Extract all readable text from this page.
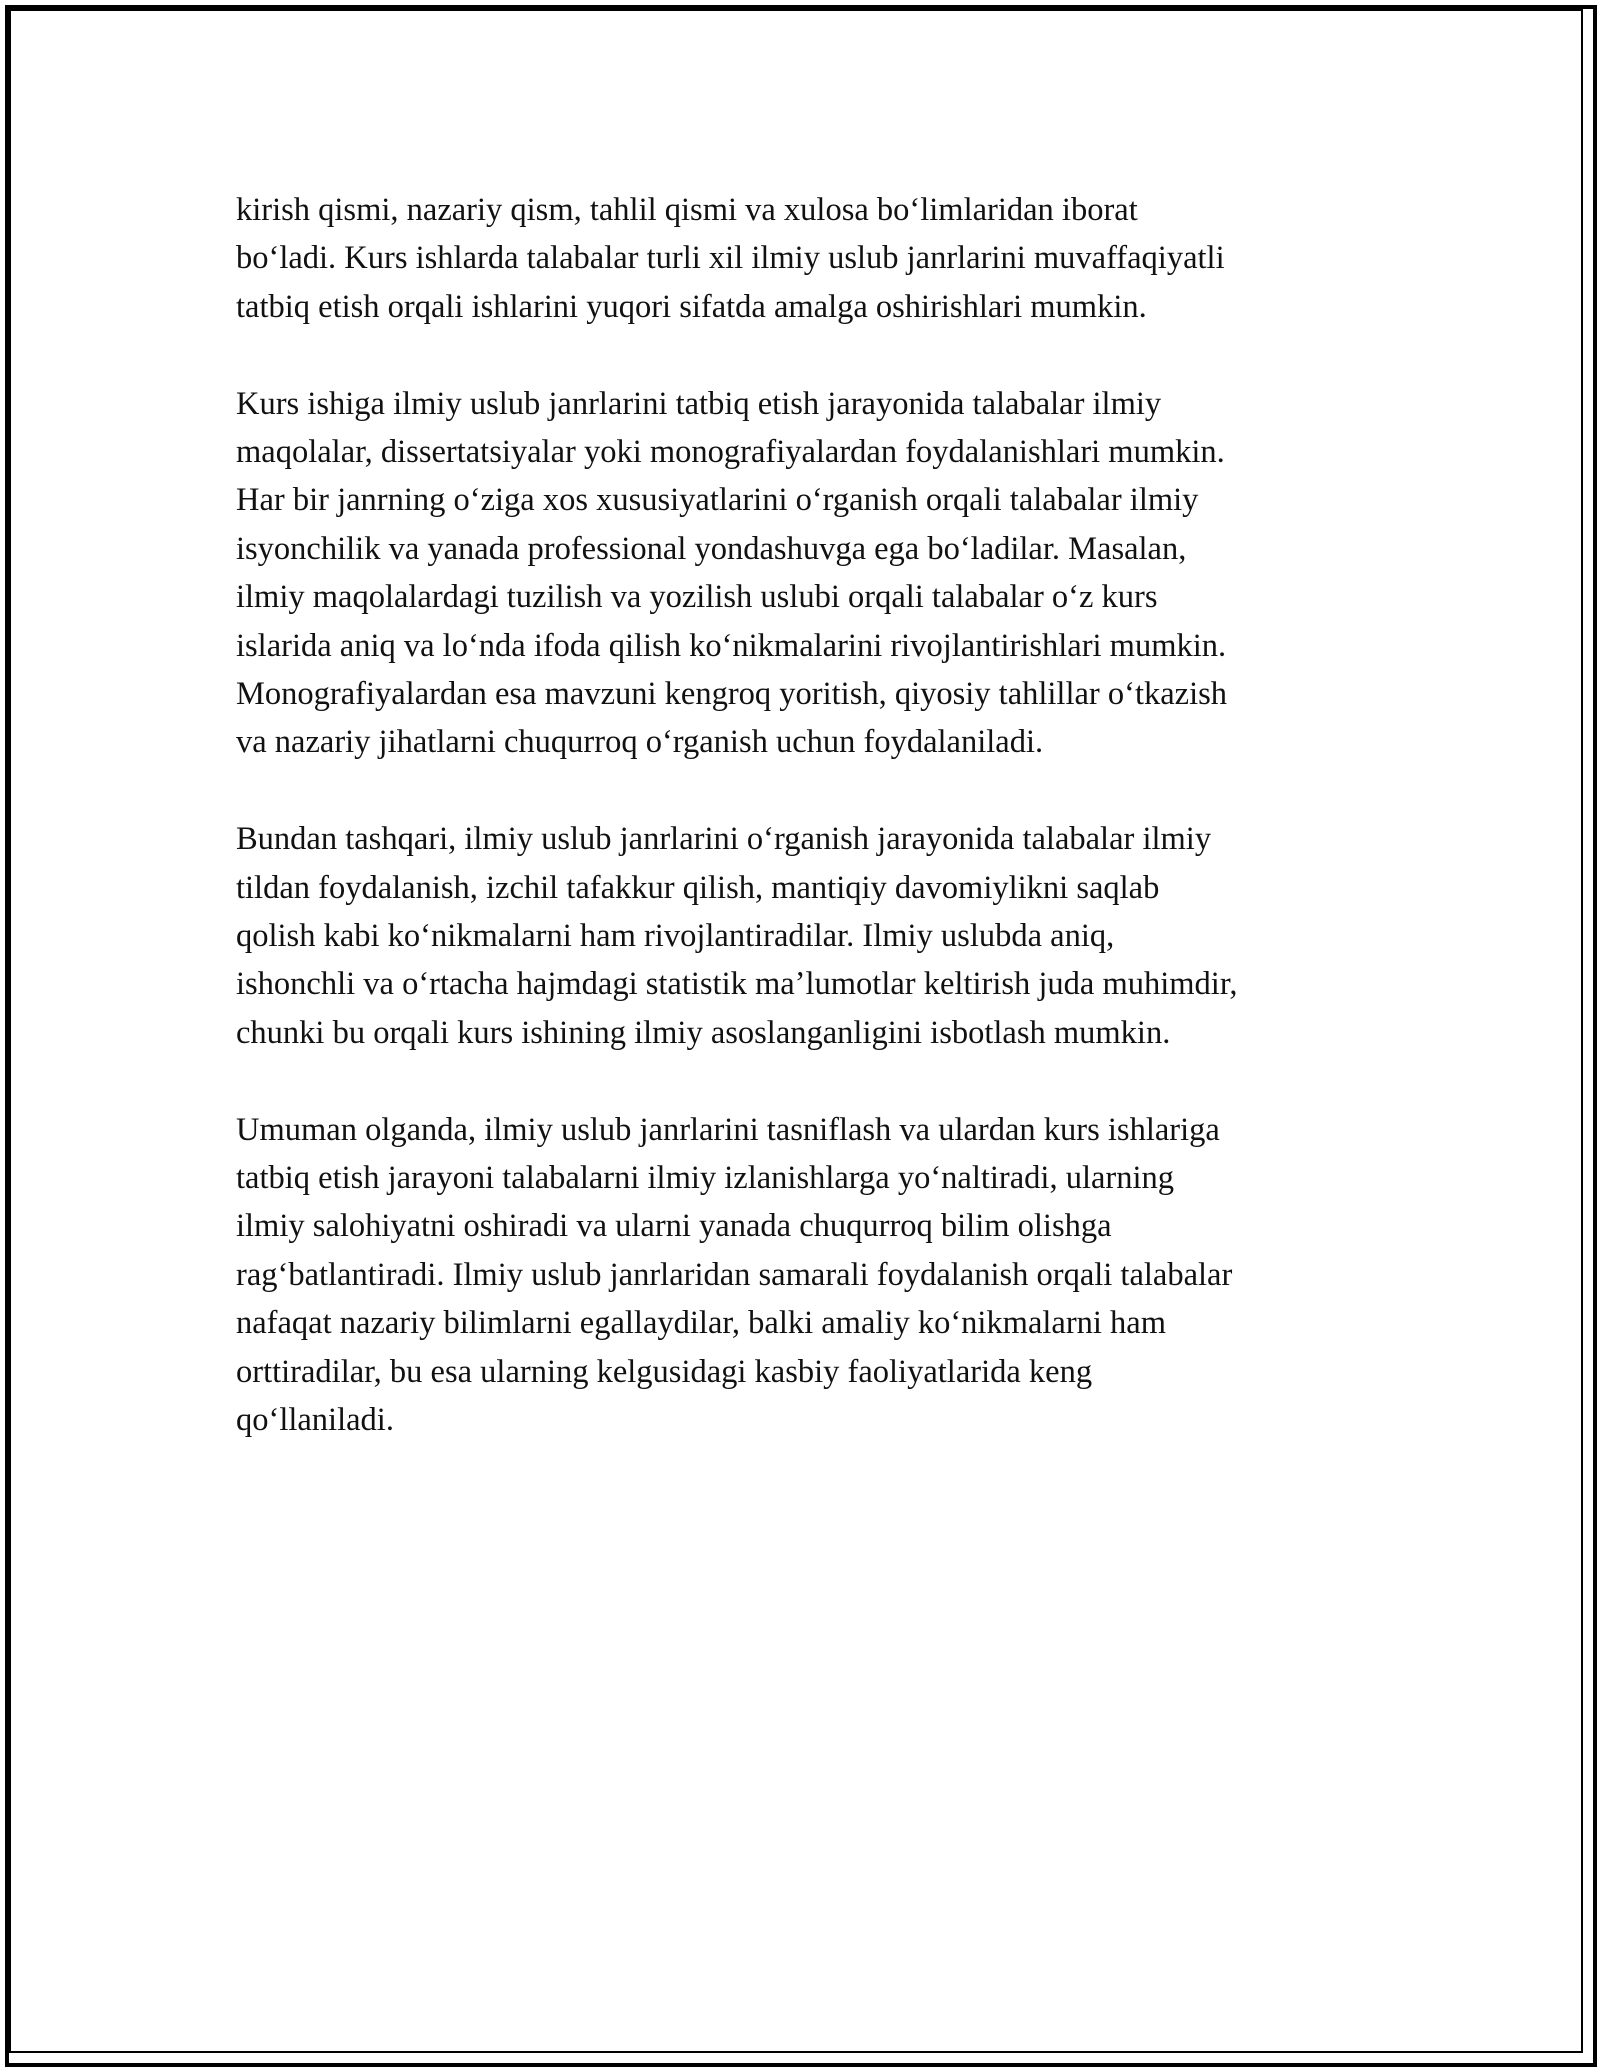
kirish qismi, nazariy qism, tahlil qismi va xulosa boʻlimlaridan iborat
boʻladi. Kurs ishlarda talabalar turli xil ilmiy uslub janrlarini muvaffaqiyatli
tatbiq etish orqali ishlarini yuqori sifatda amalga oshirishlari mumkin.

Kurs ishiga ilmiy uslub janrlarini tatbiq etish jarayonida talabalar ilmiy
maqolalar, dissertatsiyalar yoki monografiyalardan foydalanishlari mumkin.
Har bir janrning oʻziga xos xususiyatlarini oʻrganish orqali talabalar ilmiy
isyonchilik va yanada professional yondashuvga ega boʻladilar. Masalan,
ilmiy maqolalardagi tuzilish va yozilish uslubi orqali talabalar oʻz kurs
islarida aniq va loʻnda ifoda qilish koʻnikmalarini rivojlantirishlari mumkin.
Monografiyalardan esa mavzuni kengroq yoritish, qiyosiy tahlillar oʻtkazish
va nazariy jihatlarni chuqurroq oʻrganish uchun foydalaniladi.

Bundan tashqari, ilmiy uslub janrlarini oʻrganish jarayonida talabalar ilmiy
tildan foydalanish, izchil tafakkur qilish, mantiqiy davomiylikni saqlab
qolish kabi koʻnikmalarni ham rivojlantiradilar. Ilmiy uslubda aniq,
ishonchli va oʻrtacha hajmdagi statistik maʼlumotlar keltirish juda muhimdir,
chunki bu orqali kurs ishining ilmiy asoslanganligini isbotlash mumkin.

Umuman olganda, ilmiy uslub janrlarini tasniflash va ulardan kurs ishlariga
tatbiq etish jarayoni talabalarni ilmiy izlanishlarga yoʻnaltiradi, ularning
ilmiy salohiyatni oshiradi va ularni yanada chuqurroq bilim olishga
ragʻbatlantiradi. Ilmiy uslub janrlaridan samarali foydalanish orqali talabalar
nafaqat nazariy bilimlarni egallaydilar, balki amaliy koʻnikmalarni ham
orttiradilar, bu esa ularning kelgusidagi kasbiy faoliyatlarida keng
qoʻllaniladi.
